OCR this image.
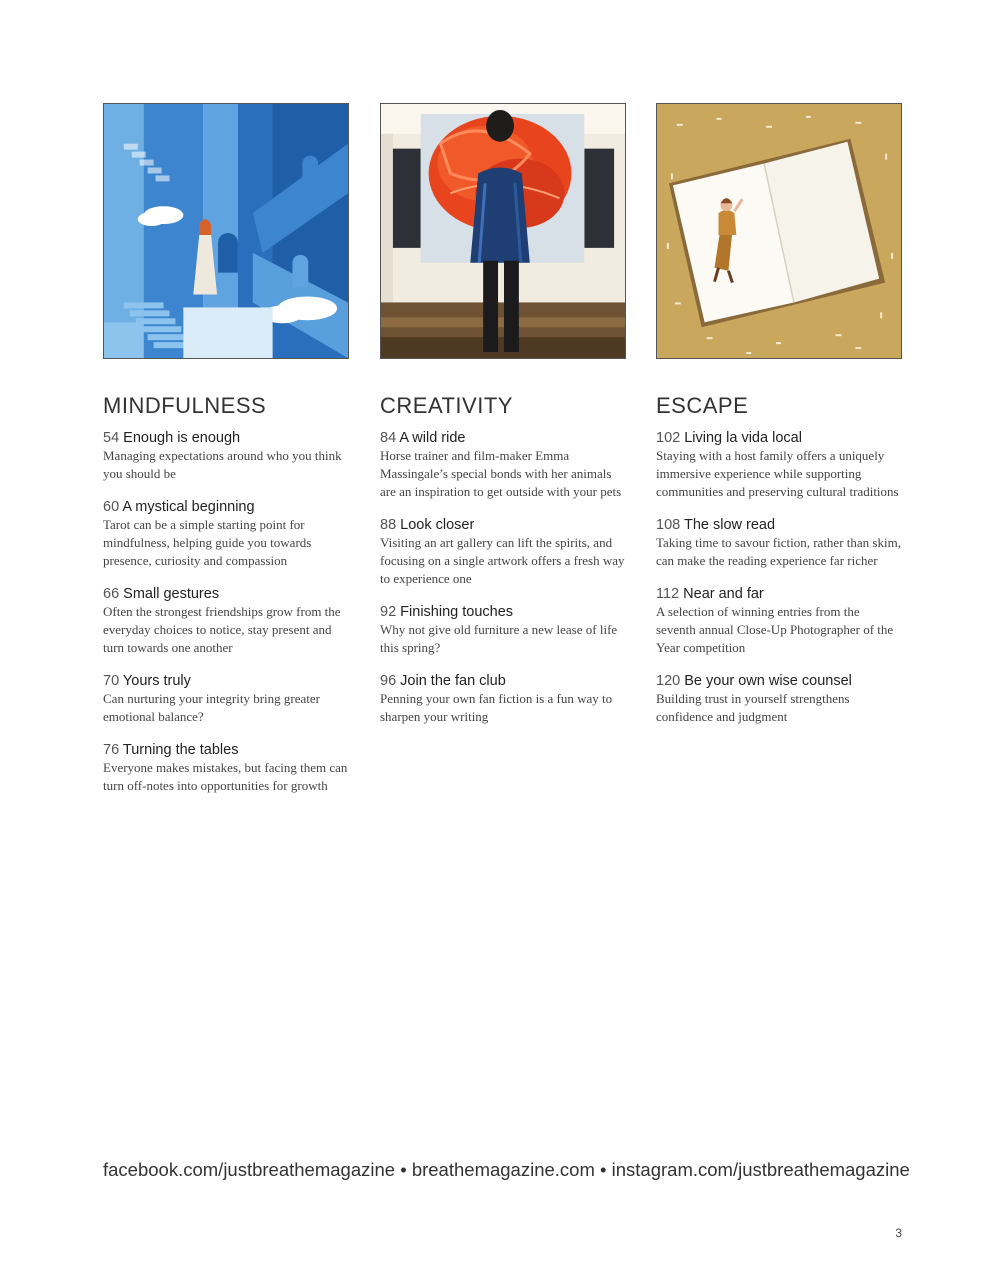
MINDFULNESS
54 Enough is enough
Managing expectations around who you think you should be
60 A mystical beginning
Tarot can be a simple starting point for mindfulness, helping guide you towards presence, curiosity and compassion
66 Small gestures
Often the strongest friendships grow from the everyday choices to notice, stay present and turn towards one another
70 Yours truly
Can nurturing your integrity bring greater emotional balance?
76 Turning the tables
Everyone makes mistakes, but facing them can turn off-notes into opportunities for growth
CREATIVITY
84 A wild ride
Horse trainer and film-maker Emma Massingale’s special bonds with her animals are an inspiration to get outside with your pets
88 Look closer
Visiting an art gallery can lift the spirits, and focusing on a single artwork offers a fresh way to experience one
92 Finishing touches
Why not give old furniture a new lease of life this spring?
96 Join the fan club
Penning your own fan fiction is a fun way to sharpen your writing
ESCAPE
102 Living la vida local
Staying with a host family offers a uniquely immersive experience while supporting communities and preserving cultural traditions
108 The slow read
Taking time to savour fiction, rather than skim, can make the reading experience far richer
112 Near and far
A selection of winning entries from the seventh annual Close-Up Photographer of the Year competition
120 Be your own wise counsel
Building trust in yourself strengthens confidence and judgment
facebook.com/justbreathemagazine • breathemagazine.com • instagram.com/justbreathemagazine
3
